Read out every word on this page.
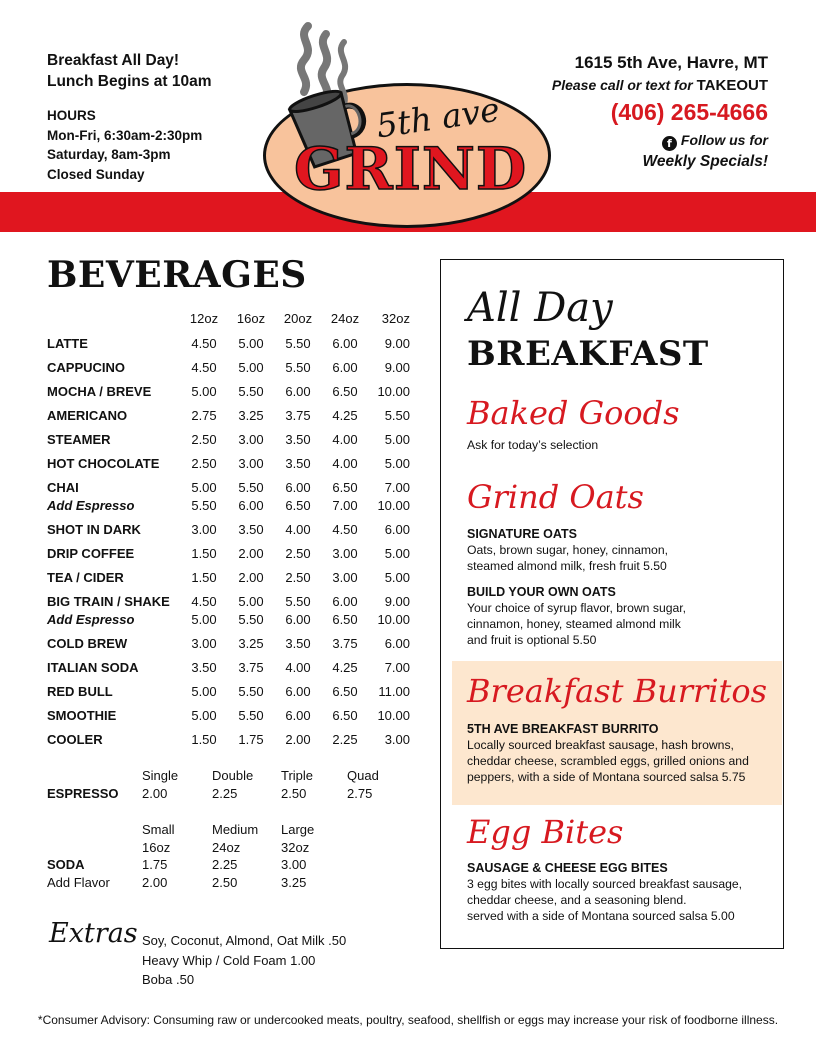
Breakfast All Day!
Lunch Begins at 10am
HOURS
Mon-Fri, 6:30am-2:30pm
Saturday, 8am-3pm
Closed Sunday
5th ave
GRIND
1615 5th Ave, Havre, MT
Please call or text for TAKEOUT
(406) 265-4666
f Follow us for
Weekly Specials!
BEVERAGES
12oz	16oz	20oz	24oz	32oz
LATTE	4.50	5.00	5.50	6.00	9.00
CAPPUCINO	4.50	5.00	5.50	6.00	9.00
MOCHA / BREVE	5.00	5.50	6.00	6.50	10.00
AMERICANO	2.75	3.25	3.75	4.25	5.50
STEAMER	2.50	3.00	3.50	4.00	5.00
HOT CHOCOLATE	2.50	3.00	3.50	4.00	5.00
CHAI	5.00	5.50	6.00	6.50	7.00
Add Espresso	5.50	6.00	6.50	7.00	10.00
SHOT IN DARK	3.00	3.50	4.00	4.50	6.00
DRIP COFFEE	1.50	2.00	2.50	3.00	5.00
TEA / CIDER	1.50	2.00	2.50	3.00	5.00
BIG TRAIN / SHAKE	4.50	5.00	5.50	6.00	9.00
Add Espresso	5.00	5.50	6.00	6.50	10.00
COLD BREW	3.00	3.25	3.50	3.75	6.00
ITALIAN SODA	3.50	3.75	4.00	4.25	7.00
RED BULL	5.00	5.50	6.00	6.50	11.00
SMOOTHIE	5.00	5.50	6.00	6.50	10.00
COOLER	1.50	1.75	2.00	2.25	3.00
Single	Double Triple	Quad
ESPRESSO 2.00	2.25	2.50	2.75
Small	Medium Large
16oz	24oz	32oz
SODA	1.75	2.25	3.00
Add Flavor 2.00	2.50	3.25
Extras Soy, Coconut, Almond, Oat Milk .50
Heavy Whip / Cold Foam 1.00
Boba .50
All Day
BREAKFAST
Baked Goods
Ask for today’s selection
Grind Oats
SIGNATURE OATS
Oats, brown sugar, honey, cinnamon,
steamed almond milk, fresh fruit 5.50
BUILD YOUR OWN OATS
Your choice of syrup flavor, brown sugar,
cinnamon, honey, steamed almond milk
and fruit is optional 5.50
Breakfast Burritos
5TH AVE BREAKFAST BURRITO
Locally sourced breakfast sausage, hash browns,
cheddar cheese, scrambled eggs, grilled onions and
peppers, with a side of Montana sourced salsa 5.75
Egg Bites
SAUSAGE & CHEESE EGG BITES
3 egg bites with locally sourced breakfast sausage,
cheddar cheese, and a seasoning blend.
served with a side of Montana sourced salsa 5.00
*Consumer Advisory: Consuming raw or undercooked meats, poultry, seafood, shellfish or eggs may increase your risk of foodborne illness.
